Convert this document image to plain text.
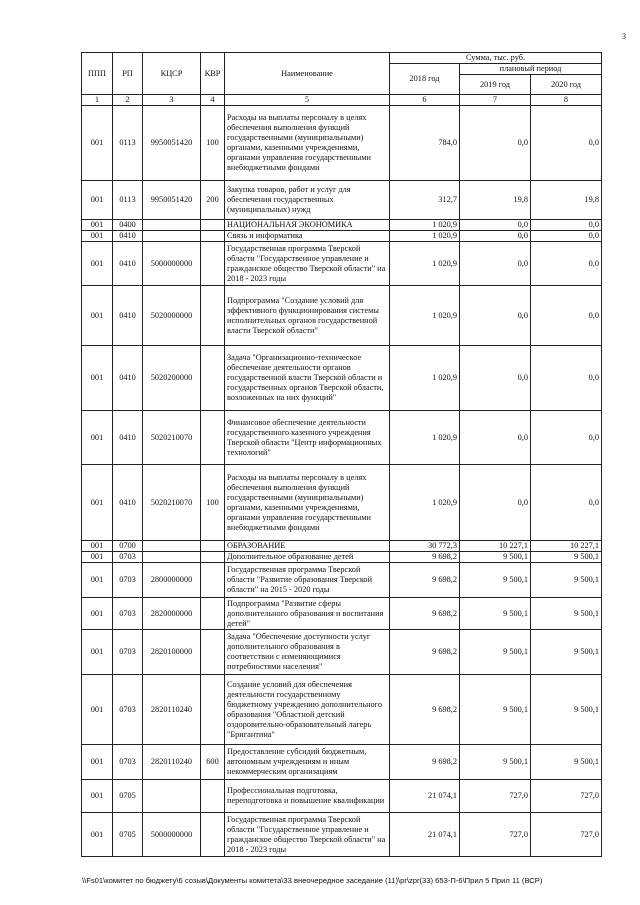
3
ППП	РП	КЦСР	КВР	Наименование	Сумма, тыс. руб.		
					2018 год	плановый период	
						2019 год	2020 год
1	2	3	4	5	6	7	8
001	0113	9950051420	100	Расходы на выплаты персоналу в целях обеспечения выполнения функций государственными (муниципальными) органами, казенными учреждениями, органами управления государственными внебюджетными фондами	784,0	0,0	0,0
001	0113	9950051420	200	Закупка товаров, работ и услуг для обеспечения государственных (муниципальных) нужд	312,7	19,8	19,8
001	0400			НАЦИОНАЛЬНАЯ ЭКОНОМИКА	1 020,9	0,0	0,0
001	0410			Связь и информатика	1 020,9	0,0	0,0
001	0410	5000000000		Государственная программа Тверской области "Государственное управление и гражданское общество Тверской области" на 2018 - 2023 годы	1 020,9	0,0	0,0
001	0410	5020000000		Подпрограмма "Создание условий для эффективного функционирования системы исполнительных органов государственной власти Тверской области"	1 020,9	0,0	0,0
001	0410	5020200000		Задача "Организационно-техническое обеспечение деятельности органов государственной власти Тверской области и государственных органов Тверской области, возложенных на них функций"	1 020,9	0,0	0,0
001	0410	5020210070		Финансовое обеспечение деятельности государственного казенного учреждения Тверской области "Центр информационных технологий"	1 020,9	0,0	0,0
001	0410	5020210070	100	Расходы на выплаты персоналу в целях обеспечения выполнения функций государственными (муниципальными) органами, казенными учреждениями, органами управления государственными внебюджетными фондами	1 020,9	0,0	0,0
001	0700			ОБРАЗОВАНИЕ	30 772,3	10 227,1	10 227,1
001	0703			Дополнительное образование детей	9 698,2	9 500,1	9 500,1
001	0703	2800000000		Государственная программа Тверской области "Развитие образования Тверской области" на 2015 - 2020 годы	9 698,2	9 500,1	9 500,1
001	0703	2820000000		Подпрограмма "Развитие сферы дополнительного образования и воспитания детей"	9 698,2	9 500,1	9 500,1
001	0703	2820100000		Задача "Обеспечение доступности услуг дополнительного образования в соответствии с изменяющимися потребностями населения"	9 698,2	9 500,1	9 500,1
001	0703	2820110240		Создание условий для обеспечения деятельности государственному бюджетному учреждению дополнительного образования "Областной детский оздоровительно-образовательный лагерь "Бригантина"	9 698,2	9 500,1	9 500,1
001	0703	2820110240	600	Предоставление субсидий бюджетным, автономным учреждениям и иным некоммерческим организациям	9 698,2	9 500,1	9 500,1
001	0705			Профессиональная подготовка, переподготовка и повышение квалификации	21 074,1	727,0	727,0
001	0705	5000000000		Государственная программа Тверской области "Государственное управление и гражданское общество Тверской области" на 2018 - 2023 годы	21 074,1	727,0	727,0
\\Fs01\комитет по бюджету\6 созыв\Документы комитета\33 внеочередное заседание (11)\pr\zpr(33) 653-П-6\Прил 5 Прил 11 (ВСР)
